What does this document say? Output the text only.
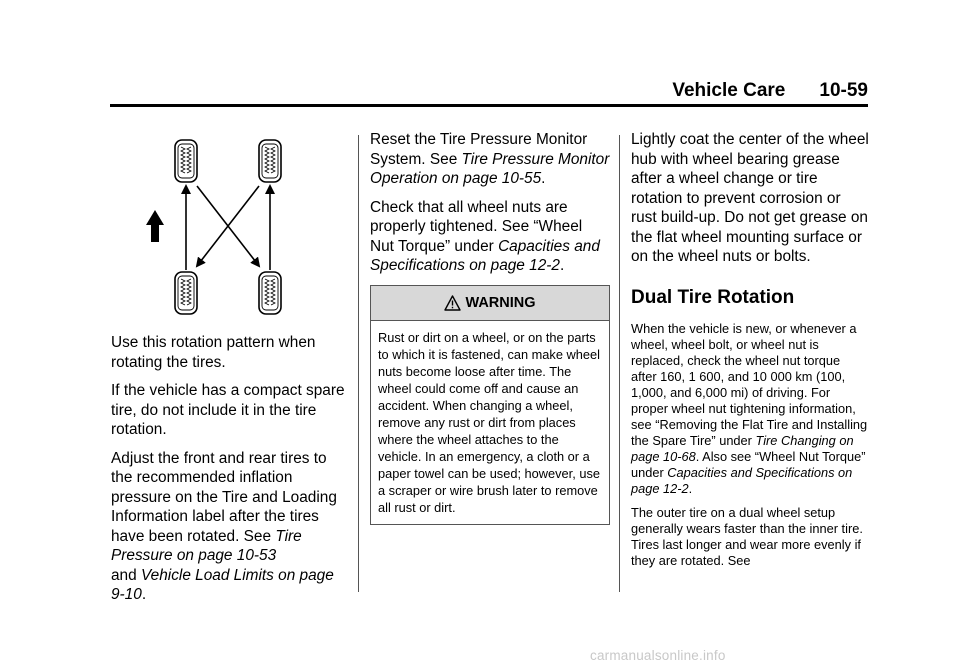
Vehicle Care 10-59

Use this rotation pattern when rotating the tires.

If the vehicle has a compact spare tire, do not include it in the tire rotation.

Adjust the front and rear tires to the recommended inflation pressure on the Tire and Loading Information label after the tires have been rotated. See Tire Pressure on page 10-53
and Vehicle Load Limits on page 9-10.

Reset the Tire Pressure Monitor System. See Tire Pressure Monitor Operation on page 10-55.

Check that all wheel nuts are properly tightened. See “Wheel Nut Torque” under Capacities and Specifications on page 12-2.

WARNING
Rust or dirt on a wheel, or on the parts to which it is fastened, can make wheel nuts become loose after time. The wheel could come off and cause an accident. When changing a wheel, remove any rust or dirt from places where the wheel attaches to the vehicle. In an emergency, a cloth or a paper towel can be used; however, use a scraper or wire brush later to remove all rust or dirt.

Lightly coat the center of the wheel hub with wheel bearing grease after a wheel change or tire rotation to prevent corrosion or rust build-up. Do not get grease on the flat wheel mounting surface or on the wheel nuts or bolts.

Dual Tire Rotation

When the vehicle is new, or whenever a wheel, wheel bolt, or wheel nut is replaced, check the wheel nut torque after 160, 1 600, and 10 000 km (100, 1,000, and 6,000 mi) of driving. For proper wheel nut tightening information, see “Removing the Flat Tire and Installing the Spare Tire” under Tire Changing on page 10-68. Also see “Wheel Nut Torque” under Capacities and Specifications on page 12-2.

The outer tire on a dual wheel setup generally wears faster than the inner tire. Tires last longer and wear more evenly if they are rotated. See

carmanualsonline.info
